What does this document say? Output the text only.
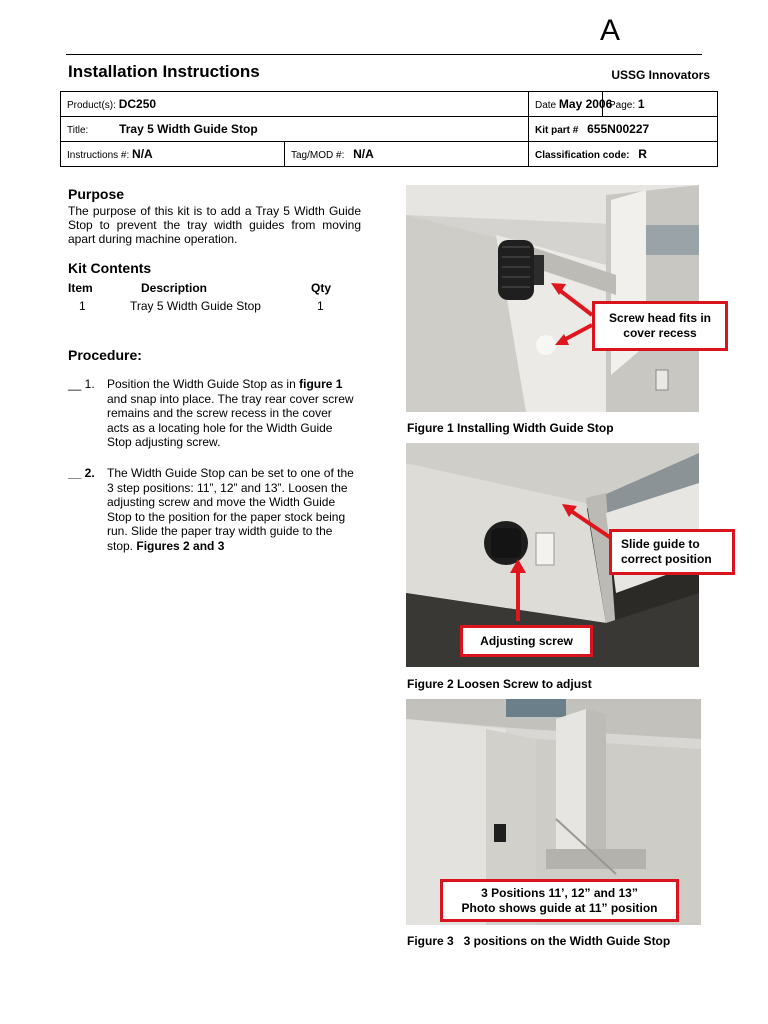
A
Installation Instructions	USSG Innovators
Product(s): DC250		Date May 2006	Page: 1
Title: Tray 5 Width Guide Stop		Kit part # 655N00227	
Instructions #: N/A	Tag/MOD #: N/A	Classification code: R	
Purpose
The purpose of this kit is to add a Tray 5 Width Guide Stop to prevent the tray width guides from moving apart during machine operation.
Kit Contents
Item	Description	Qty
1	Tray 5 Width Guide Stop	1
Procedure:
__ 1. Position the Width Guide Stop as in figure 1 and snap into place. The tray rear cover screw remains and the screw recess in the cover acts as a locating hole for the Width Guide Stop adjusting screw.
__ 2. The Width Guide Stop can be set to one of the 3 step positions: 11”, 12” and 13”. Loosen the adjusting screw and move the Width Guide Stop to the position for the paper stock being run. Slide the paper tray width guide to the stop. Figures 2 and 3
Screw head fits in cover recess
Figure 1 Installing Width Guide Stop
Slide guide to correct position
Adjusting screw
Figure 2 Loosen Screw to adjust
3 Positions 11’, 12” and 13”
Photo shows guide at 11” position
Figure 3   3 positions on the Width Guide Stop
